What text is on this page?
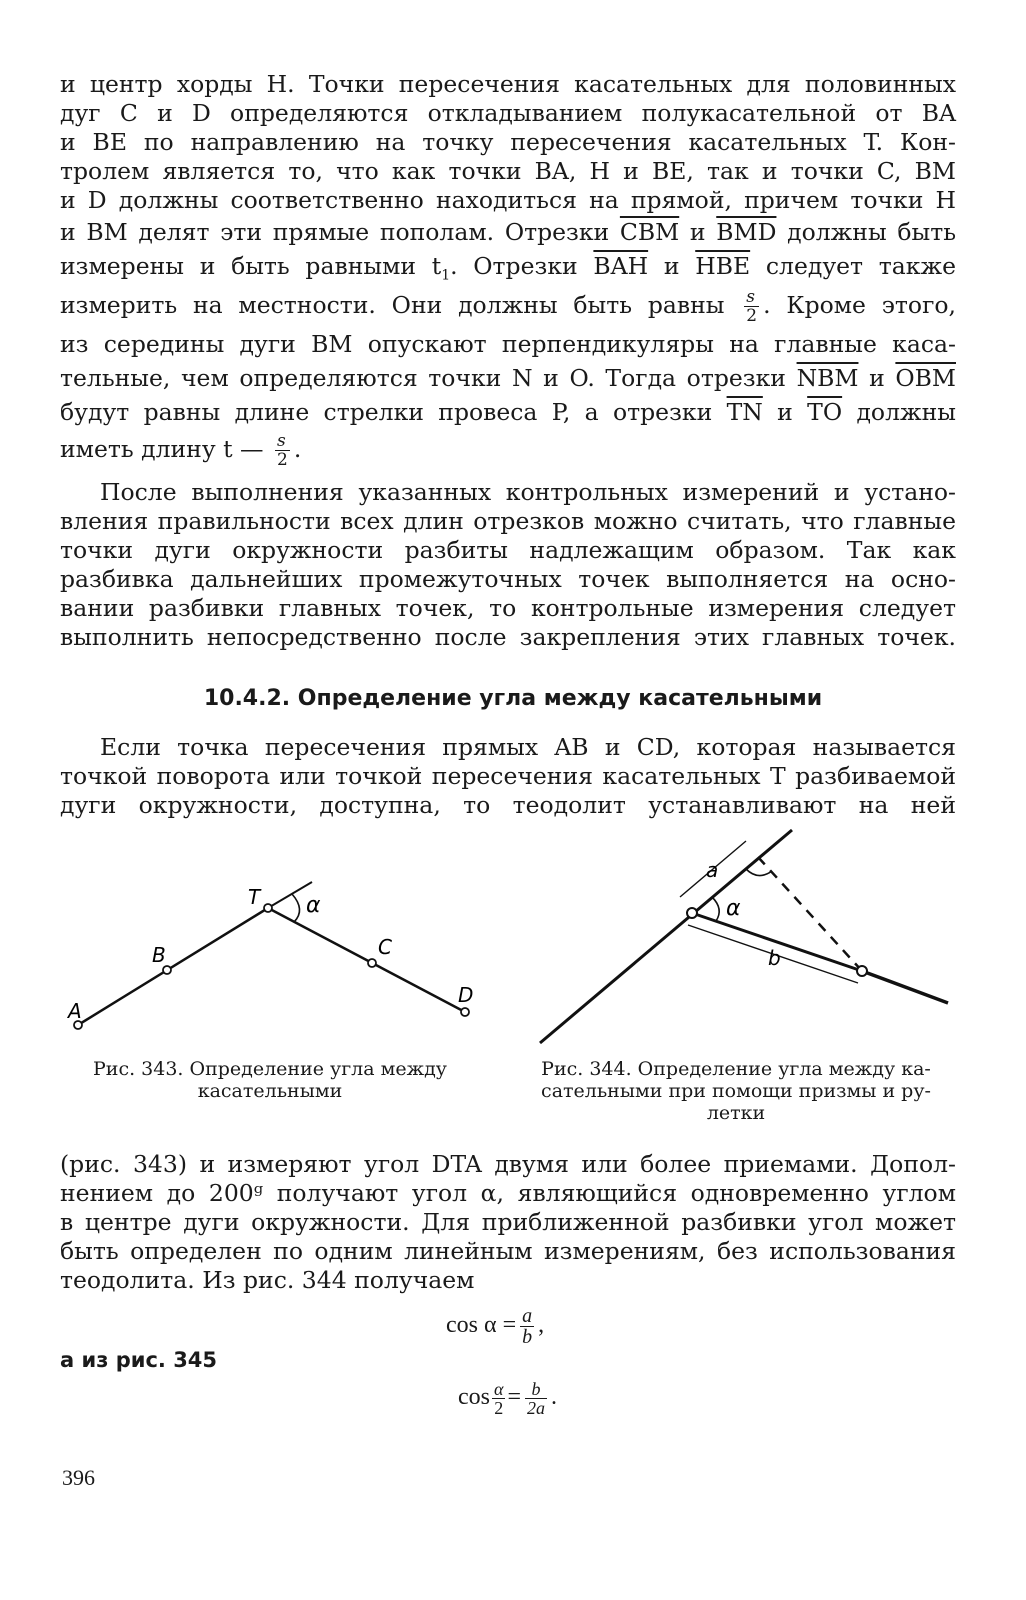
и центр хорды H. Точки пересечения касательных для половинных
дуг C и D определяются откладыванием полукасательной от BA
и BE по направлению на точку пересечения касательных T. Кон-
тролем является то, что как точки BA, H и BE, так и точки C, BM
и D должны соответственно находиться на прямой, причем точки H
и BM делят эти прямые пополам. Отрезки $\overline{CBM}$ и $\overline{BMD}$ должны быть
измерены и быть равными $t_1$. Отрезки $\overline{BAH}$ и $\overline{HBE}$ следует также
измерить на местности. Они должны быть равны $\frac{s}{2}$ . Кроме этого,
из середины дуги BM опускают перпендикуляры на главные каса-
тельные, чем определяются точки N и O. Тогда отрезки $\overline{NBM}$ и $\overline{OBM}$
будут равны длине стрелки провеса P, а отрезки $\overline{TN}$ и $\overline{TO}$ должны
иметь длину t — $\frac{s}{2}$ .
После выполнения указанных контрольных измерений и устано-
вления правильности всех длин отрезков можно считать, что главные
точки дуги окружности разбиты надлежащим образом. Так как
разбивка дальнейших промежуточных точек выполняется на осно-
вании разбивки главных точек, то контрольные измерения следует
выполнить непосредственно после закрепления этих главных точек.
10.4.2. Определение угла между касательными
Если точка пересечения прямых AB и CD, которая называется
точкой поворота или точкой пересечения касательных T разбиваемой
дуги окружности, доступна, то теодолит устанавливают на ней
A
B
T α
C
D
Рис. 343. Определение угла между
касательными
a
α
b
Рис. 344. Определение угла между ка-
сательными при помощи призмы и ру-
летки
(рис. 343) и измеряют угол DTA двумя или более приемами. Допол-
нением до 200ᵍ получают угол α, являющийся одновременно углом
в центре дуги окружности. Для приближенной разбивки угол может
быть определен по одним линейным измерениям, без использования
теодолита. Из рис. 344 получаем
$\cos \alpha = \frac{a}{b}$ ,
а из рис. 345
$\cos \frac{\alpha}{2} = \frac{b}{2a}$ .
396
